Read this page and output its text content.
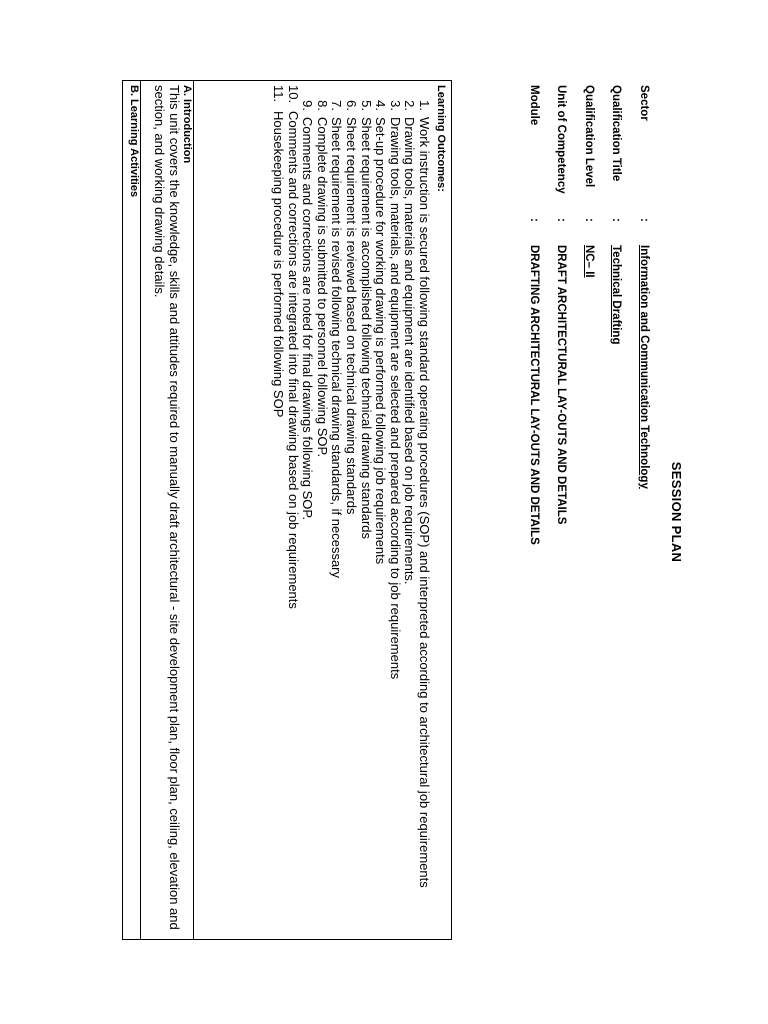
SESSION PLAN
Sector
:
Information and Communication Technology
Qualification Title
:
Technical Drafting
Qualification Level
:
NC– II
Unit of Competency
:
DRAFT ARCHITECTURAL LAY-OUTS AND DETAILS
Module
:
DRAFTING ARCHITECTURAL LAY-OUTS AND DETAILS
Learning Outcomes:
1.
Work instruction is secured following standard operating procedures (SOP) and interpreted according to architectural job requirements
2.
Drawing tools, materials and equipment are identified based on job requirements.
3.
Drawing tools, materials, and equipment are selected and prepared according to job requirements
4.
Set-up procedure for working drawing is performed following job requirements
5.
Sheet requirement is accomplished following technical drawing standards
6.
Sheet requirement is reviewed based on technical drawing standards
7.
Sheet requirement is revised following technical drawing standards, if necessary
8.
Complete drawing is submitted to personnel following SOP.
9.
Comments and corrections are noted for final drawings following SOP.
10.
Comments and corrections are integrated into final drawing based on job requirements
11.
Housekeeping procedure is performed following SOP
A. Introduction
This unit covers the knowledge, skills and attitudes required to manually draft architectural - site development plan, floor plan, ceiling, elevation and section, and working drawing details.
B. Learning Activities
